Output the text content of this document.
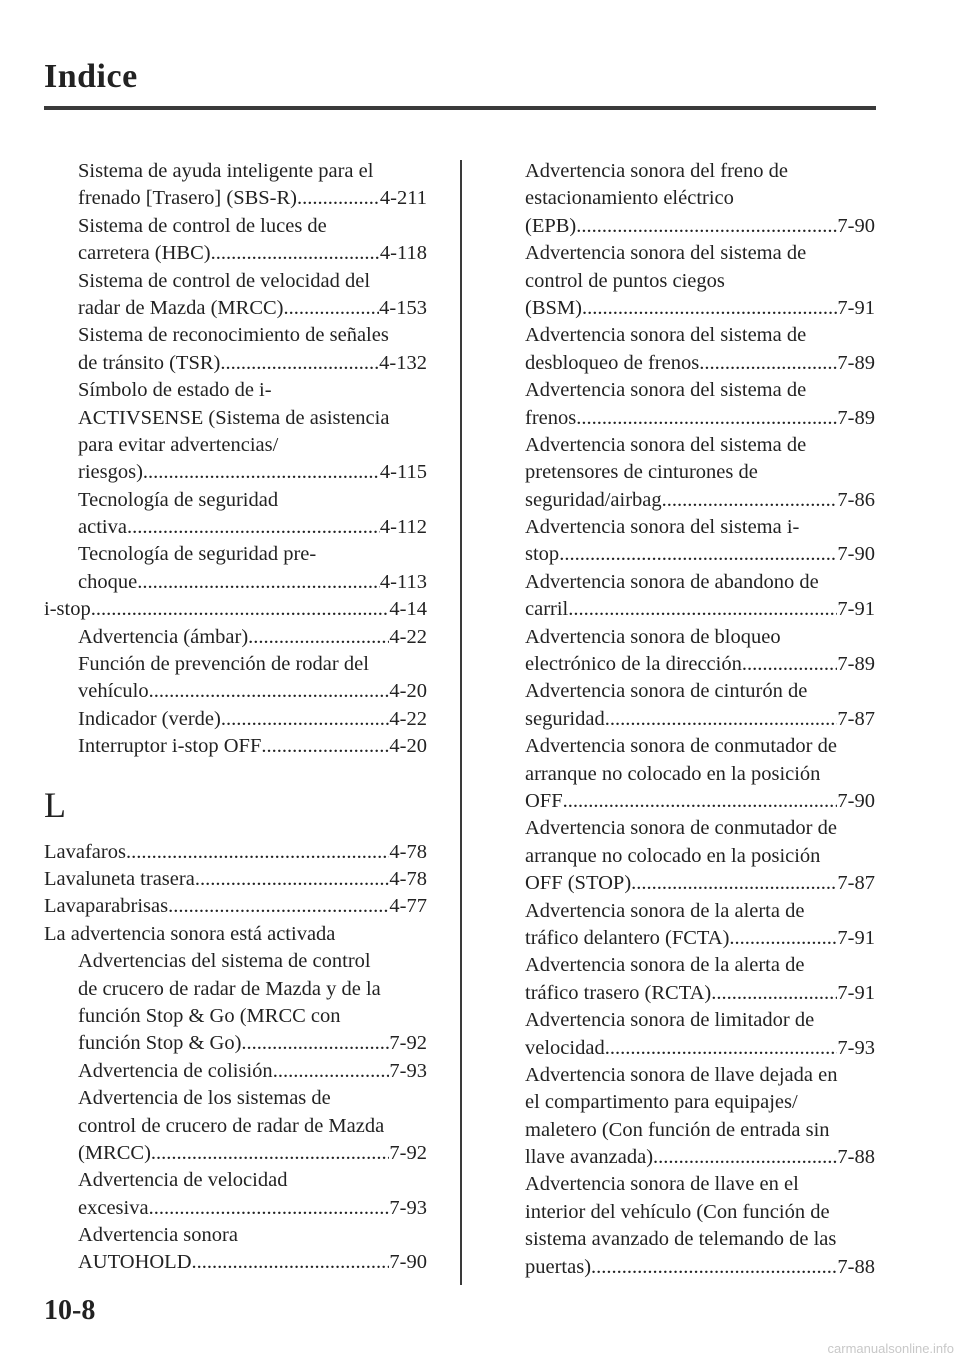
Indice
Sistema de ayuda inteligente para el
frenado [Trasero] (SBS-R) .....	4-211
Sistema de control de luces de
carretera (HBC) .....	4-118
Sistema de control de velocidad del
radar de Mazda (MRCC) .....	4-153
Sistema de reconocimiento de señales
de tránsito (TSR) .....	4-132
Símbolo de estado de i-
ACTIVSENSE (Sistema de asistencia
para evitar advertencias/
riesgos) .....	4-115
Tecnología de seguridad
activa .....	4-112
Tecnología de seguridad pre-
choque .....	4-113
i-stop .....	4-14
Advertencia (ámbar) .....	4-22
Función de prevención de rodar del
vehículo .....	4-20
Indicador (verde) .....	4-22
Interruptor i-stop OFF .....	4-20
L
Lavafaros .....	4-78
Lavaluneta trasera .....	4-78
Lavaparabrisas .....	4-77
La advertencia sonora está activada
Advertencias del sistema de control
de crucero de radar de Mazda y de la
función Stop & Go (MRCC con
función Stop & Go) .....	7-92
Advertencia de colisión .....	7-93
Advertencia de los sistemas de
control de crucero de radar de Mazda
(MRCC) .....	7-92
Advertencia de velocidad
excesiva .....	7-93
Advertencia sonora
AUTOHOLD .....	7-90
Advertencia sonora del freno de
estacionamiento eléctrico
(EPB) .....	7-90
Advertencia sonora del sistema de
control de puntos ciegos
(BSM) .....	7-91
Advertencia sonora del sistema de
desbloqueo de frenos .....	7-89
Advertencia sonora del sistema de
frenos .....	7-89
Advertencia sonora del sistema de
pretensores de cinturones de
seguridad/airbag .....	7-86
Advertencia sonora del sistema i-
stop .....	7-90
Advertencia sonora de abandono de
carril .....	7-91
Advertencia sonora de bloqueo
electrónico de la dirección .....	7-89
Advertencia sonora de cinturón de
seguridad .....	7-87
Advertencia sonora de conmutador de
arranque no colocado en la posición
OFF .....	7-90
Advertencia sonora de conmutador de
arranque no colocado en la posición
OFF (STOP) .....	7-87
Advertencia sonora de la alerta de
tráfico delantero (FCTA) .....	7-91
Advertencia sonora de la alerta de
tráfico trasero (RCTA) .....	7-91
Advertencia sonora de limitador de
velocidad .....	7-93
Advertencia sonora de llave dejada en
el compartimento para equipajes/
maletero (Con función de entrada sin
llave avanzada) .....	7-88
Advertencia sonora de llave en el
interior del vehículo (Con función de
sistema avanzado de telemando de las
puertas) .....	7-88
10-8
carmanualsonline.info
